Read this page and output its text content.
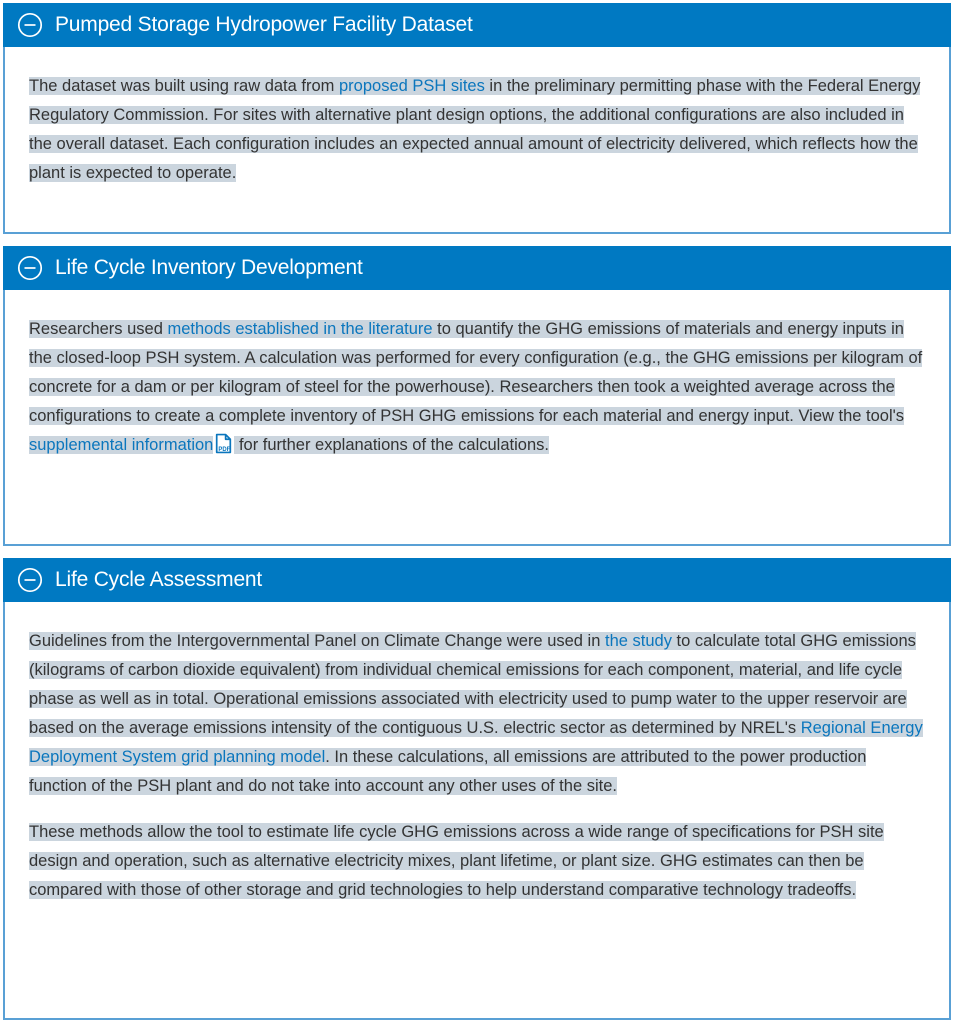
Pumped Storage Hydropower Facility Dataset

The dataset was built using raw data from proposed PSH sites in the preliminary permitting phase with the Federal Energy Regulatory Commission. For sites with alternative plant design options, the additional configurations are also included in the overall dataset. Each configuration includes an expected annual amount of electricity delivered, which reflects how the plant is expected to operate.

Life Cycle Inventory Development

Researchers used methods established in the literature to quantify the GHG emissions of materials and energy inputs in the closed-loop PSH system. A calculation was performed for every configuration (e.g., the GHG emissions per kilogram of concrete for a dam or per kilogram of steel for the powerhouse). Researchers then took a weighted average across the configurations to create a complete inventory of PSH GHG emissions for each material and energy input. View the tool's supplemental information PDF for further explanations of the calculations.

Life Cycle Assessment

Guidelines from the Intergovernmental Panel on Climate Change were used in the study to calculate total GHG emissions (kilograms of carbon dioxide equivalent) from individual chemical emissions for each component, material, and life cycle phase as well as in total. Operational emissions associated with electricity used to pump water to the upper reservoir are based on the average emissions intensity of the contiguous U.S. electric sector as determined by NREL's Regional Energy Deployment System grid planning model. In these calculations, all emissions are attributed to the power production function of the PSH plant and do not take into account any other uses of the site.

These methods allow the tool to estimate life cycle GHG emissions across a wide range of specifications for PSH site design and operation, such as alternative electricity mixes, plant lifetime, or plant size. GHG estimates can then be compared with those of other storage and grid technologies to help understand comparative technology tradeoffs.
